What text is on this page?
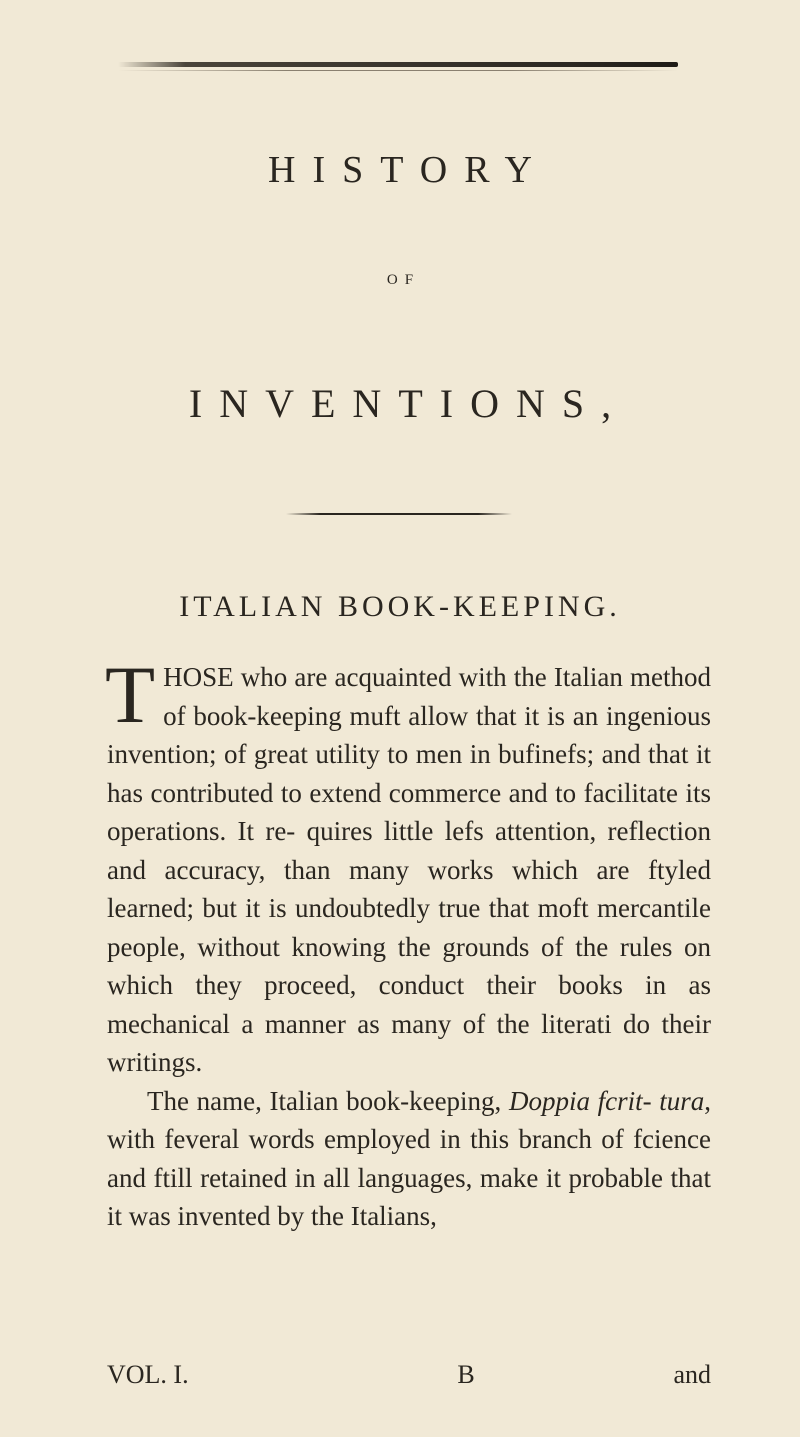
HISTORY
OF
INVENTIONS,
ITALIAN BOOK-KEEPING.

THOSE who are acquainted with the Italian method of book-keeping muft allow that it is an ingenious invention; of great utility to men in bufinefs; and that it has contributed to extend commerce and to facilitate its operations. It re- quires little lefs attention, reflection and accuracy, than many works which are ftyled learned; but it is undoubtedly true that moft mercantile people, without knowing the grounds of the rules on which they proceed, conduct their books in as mechanical a manner as many of the literati do their writings.

The name, Italian book-keeping, Doppia fcrit- tura, with feveral words employed in this branch of fcience and ftill retained in all languages, make it probable that it was invented by the Italians,

VOL. I.	B	and
